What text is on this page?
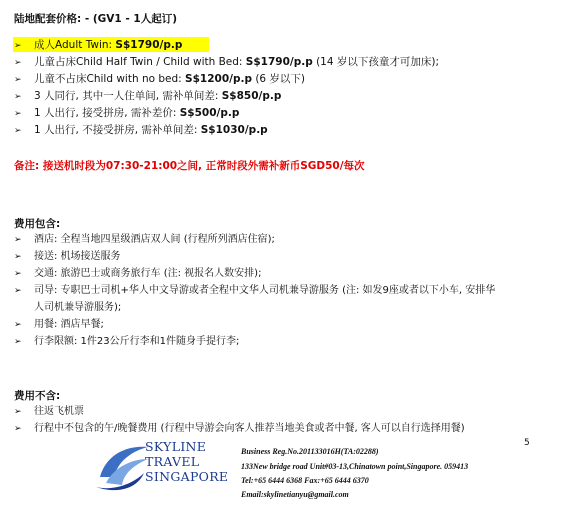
陆地配套价格: - (GV1 - 1人起订)
➢ 成人Adult Twin: S$1790/p.p
➢ 儿童占床Child Half Twin / Child with Bed: S$1790/p.p (14 岁以下孩童才可加床);
➢ 儿童不占床Child with no bed: S$1200/p.p (6 岁以下)
➢ 3 人同行, 其中一人住单间, 需补单间差: S$850/p.p
➢ 1 人出行, 接受拼房, 需补差价: S$500/p.p
➢ 1 人出行, 不接受拼房, 需补单间差: S$1030/p.p
备注: 接送机时段为07:30-21:00之间, 正常时段外需补新币SGD50/每次
费用包含:
➢ 酒店: 全程当地四星级酒店双人间 (行程所列酒店住宿);
➢ 接送: 机场接送服务
➢ 交通: 旅游巴士或商务旅行车 (注: 视报名人数安排);
➢ 司导: 专职巴士司机+华人中文导游或者全程中文华人司机兼导游服务 (注: 如发9座或者以下小车, 安排华
人司机兼导游服务);
➢ 用餐: 酒店早餐;
➢ 行李限额: 1件23公斤行李和1件随身手提行李;
费用不含:
➢ 往返飞机票
➢ 行程中不包含的午/晚餐费用 (行程中导游会向客人推荐当地美食或者中餐, 客人可以自行选择用餐)
5
SKYLINE
TRAVEL
SINGAPORE
Business Reg.No.201133016H(TA:02288)
133New bridge road Unit#03-13,Chinatown point,Singapore. 059413
Tel:+65 6444 6368 Fax:+65 6444 6370
Email:skylinetianyu@gmail.com
